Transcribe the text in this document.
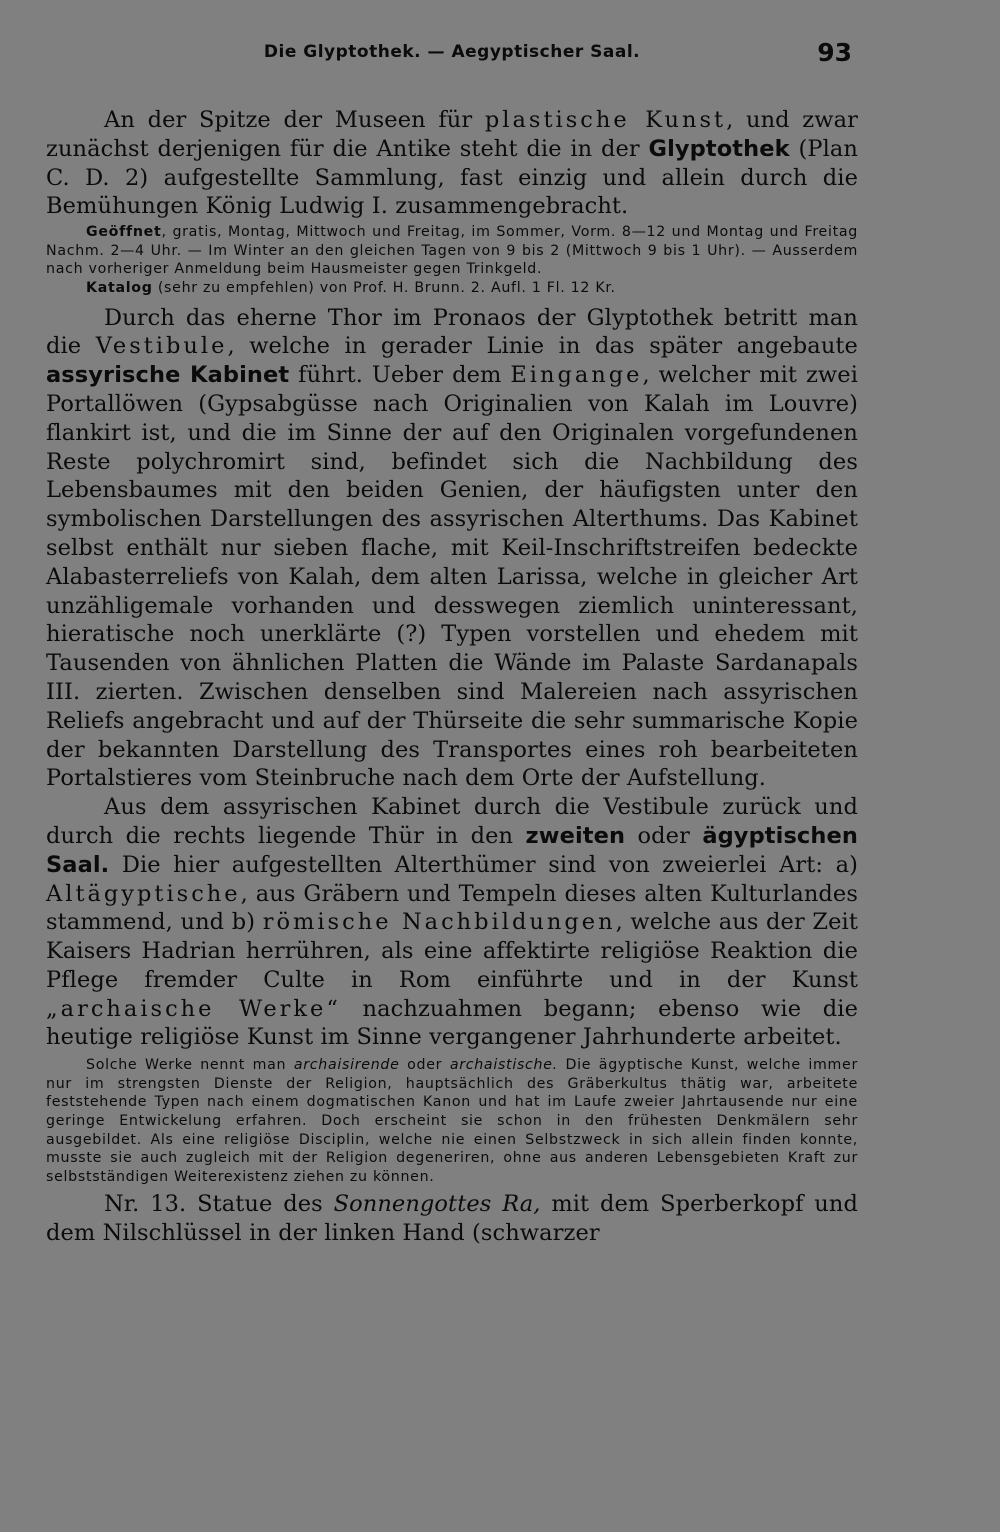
Die Glyptothek. — Aegyptischer Saal.	93

An der Spitze der Museen für plastische Kunst, und zwar zunächst derjenigen für die Antike steht die in der Glyptothek (Plan C. D. 2) aufgestellte Sammlung, fast einzig und allein durch die Bemühungen König Ludwig I. zusammengebracht.

Geöffnet, gratis, Montag, Mittwoch und Freitag, im Sommer, Vorm. 8—12 und Montag und Freitag Nachm. 2—4 Uhr. — Im Winter an den gleichen Tagen von 9 bis 2 (Mittwoch 9 bis 1 Uhr). — Ausserdem nach vorheriger Anmeldung beim Hausmeister gegen Trinkgeld.

Katalog (sehr zu empfehlen) von Prof. H. Brunn. 2. Aufl. 1 Fl. 12 Kr.

Durch das eherne Thor im Pronaos der Glyptothek betritt man die Vestibule, welche in gerader Linie in das später angebaute assyrische Kabinet führt. Ueber dem Eingange, welcher mit zwei Portallöwen (Gypsabgüsse nach Originalien von Kalah im Louvre) flankirt ist, und die im Sinne der auf den Originalen vorgefundenen Reste polychromirt sind, befindet sich die Nachbildung des Lebensbaumes mit den beiden Genien, der häufigsten unter den symbolischen Darstellungen des assyrischen Alterthums. Das Kabinet selbst enthält nur sieben flache, mit Keil-Inschriftstreifen bedeckte Alabasterreliefs von Kalah, dem alten Larissa, welche in gleicher Art unzähligemale vorhanden und desswegen ziemlich uninteressant, hieratische noch unerklärte (?) Typen vorstellen und ehedem mit Tausenden von ähnlichen Platten die Wände im Palaste Sardanapals III. zierten. Zwischen denselben sind Malereien nach assyrischen Reliefs angebracht und auf der Thürseite die sehr summarische Kopie der bekannten Darstellung des Transportes eines roh bearbeiteten Portalstieres vom Steinbruche nach dem Orte der Aufstellung.

Aus dem assyrischen Kabinet durch die Vestibule zurück und durch die rechts liegende Thür in den zweiten oder ägyptischen Saal. Die hier aufgestellten Alterthümer sind von zweierlei Art: a) Altägyptische, aus Gräbern und Tempeln dieses alten Kulturlandes stammend, und b) römische Nachbildungen, welche aus der Zeit Kaisers Hadrian herrühren, als eine affektirte religiöse Reaktion die Pflege fremder Culte in Rom einführte und in der Kunst „archaische Werke“ nachzuahmen begann; ebenso wie die heutige religiöse Kunst im Sinne vergangener Jahrhunderte arbeitet.

Solche Werke nennt man archaisirende oder archaistische. Die ägyptische Kunst, welche immer nur im strengsten Dienste der Religion, hauptsächlich des Gräberkultus thätig war, arbeitete feststehende Typen nach einem dogmatischen Kanon und hat im Laufe zweier Jahrtausende nur eine geringe Entwickelung erfahren. Doch erscheint sie schon in den frühesten Denkmälern sehr ausgebildet. Als eine religiöse Disciplin, welche nie einen Selbstzweck in sich allein finden konnte, musste sie auch zugleich mit der Religion degeneriren, ohne aus anderen Lebensgebieten Kraft zur selbstständigen Weiterexistenz ziehen zu können.

Nr. 13. Statue des Sonnengottes Ra, mit dem Sperberkopf und dem Nilschlüssel in der linken Hand (schwarzer
